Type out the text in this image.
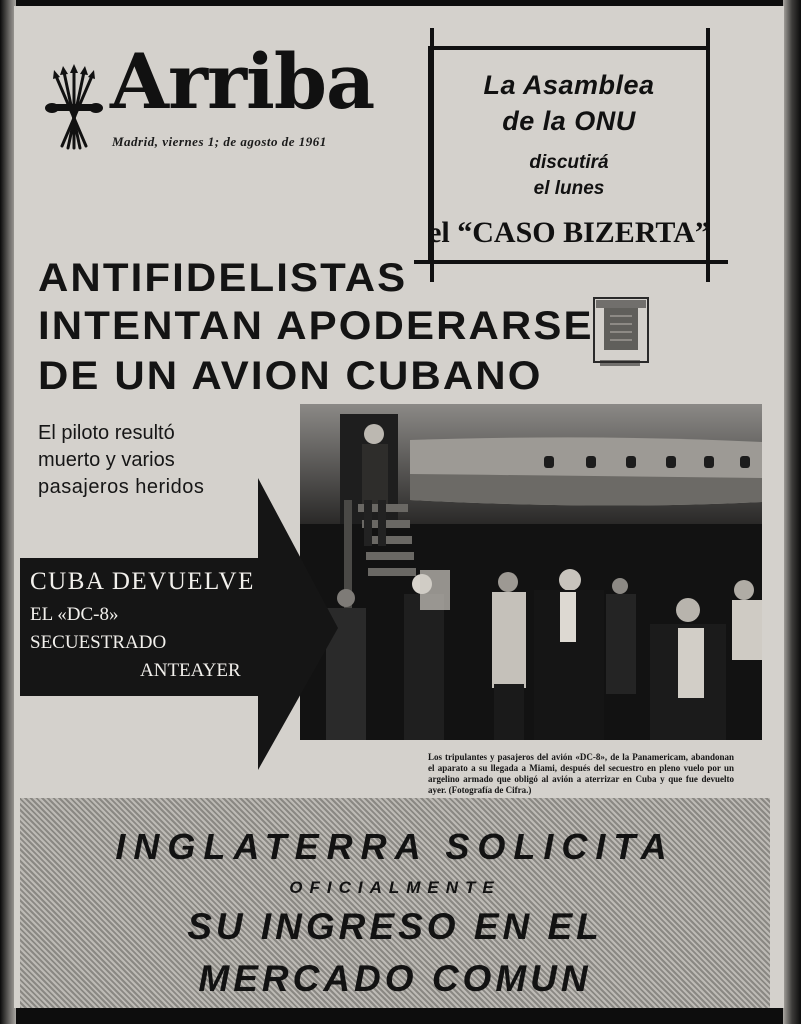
Arriba
Madrid, viernes 1; de agosto de 1961
La Asamblea
de la ONU
discutirá
el lunes
el “CASO BIZERTA”
ANTIFIDELISTAS
INTENTAN APODERARSE
DE UN AVION CUBANO
El piloto resultó
muerto y varios
pasajeros heridos
Los tripulantes y pasajeros del avión «DC-8», de la Panamericam, abandonan el aparato a su llegada a Miami, después del secuestro en pleno vuelo por un argelino armado que obligó al avión a aterrizar en Cuba y que fue devuelto ayer. (Fotografía de Cifra.)
CUBA DEVUELVE
EL «DC-8»
SECUESTRADO
ANTEAYER
INGLATERRA SOLICITA
OFICIALMENTE
SU INGRESO EN EL
MERCADO COMUN
